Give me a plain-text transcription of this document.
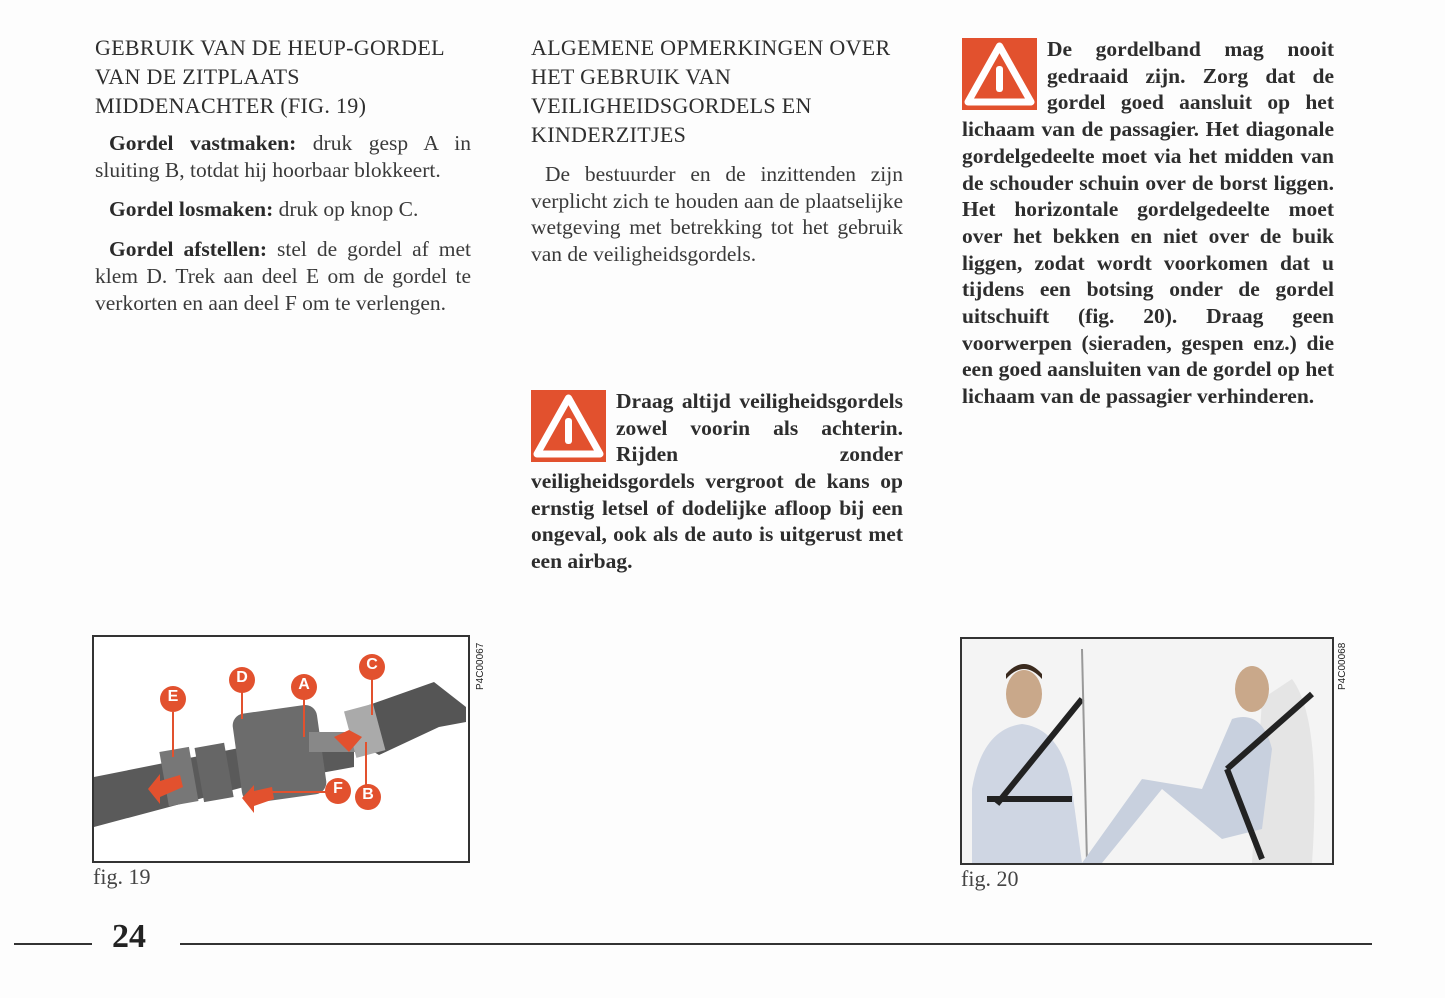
GEBRUIK VAN DE HEUP-GORDEL VAN DE ZITPLAATS MIDDENACHTER (FIG. 19)

Gordel vastmaken: druk gesp A in sluiting B, totdat hij hoorbaar blokkeert.

Gordel losmaken: druk op knop C.

Gordel afstellen: stel de gordel af met klem D. Trek aan deel E om de gordel te verkorten en aan deel F om te verlengen.

ALGEMENE OPMERKINGEN OVER HET GEBRUIK VAN VEILIGHEIDSGORDELS EN KINDERZITJES

De bestuurder en de inzittenden zijn verplicht zich te houden aan de plaatselijke wetgeving met betrekking tot het gebruik van de veiligheidsgordels.

Draag altijd veiligheidsgordels zowel voorin als achterin. Rijden zonder veiligheidsgordels vergroot de kans op ernstig letsel of dodelijke afloop bij een ongeval, ook als de auto is uitgerust met een airbag.
De gordelband mag nooit gedraaid zijn. Zorg dat de gordel goed aansluit op het lichaam van de passagier. Het diagonale gordelgedeelte moet via het midden van de schouder schuin over de borst liggen. Het horizontale gordelgedeelte moet over het bekken en niet over de buik liggen, zodat wordt voorkomen dat u tijdens een botsing onder de gordel uitschuift (fig. 20). Draag geen voorwerpen (sieraden, gespen enz.) die een goed aansluiten van de gordel op het lichaam van de passagier verhinderen.
E
D	A
C
B
F
P4C00067
fig. 19
P4C00068
fig. 20
24
